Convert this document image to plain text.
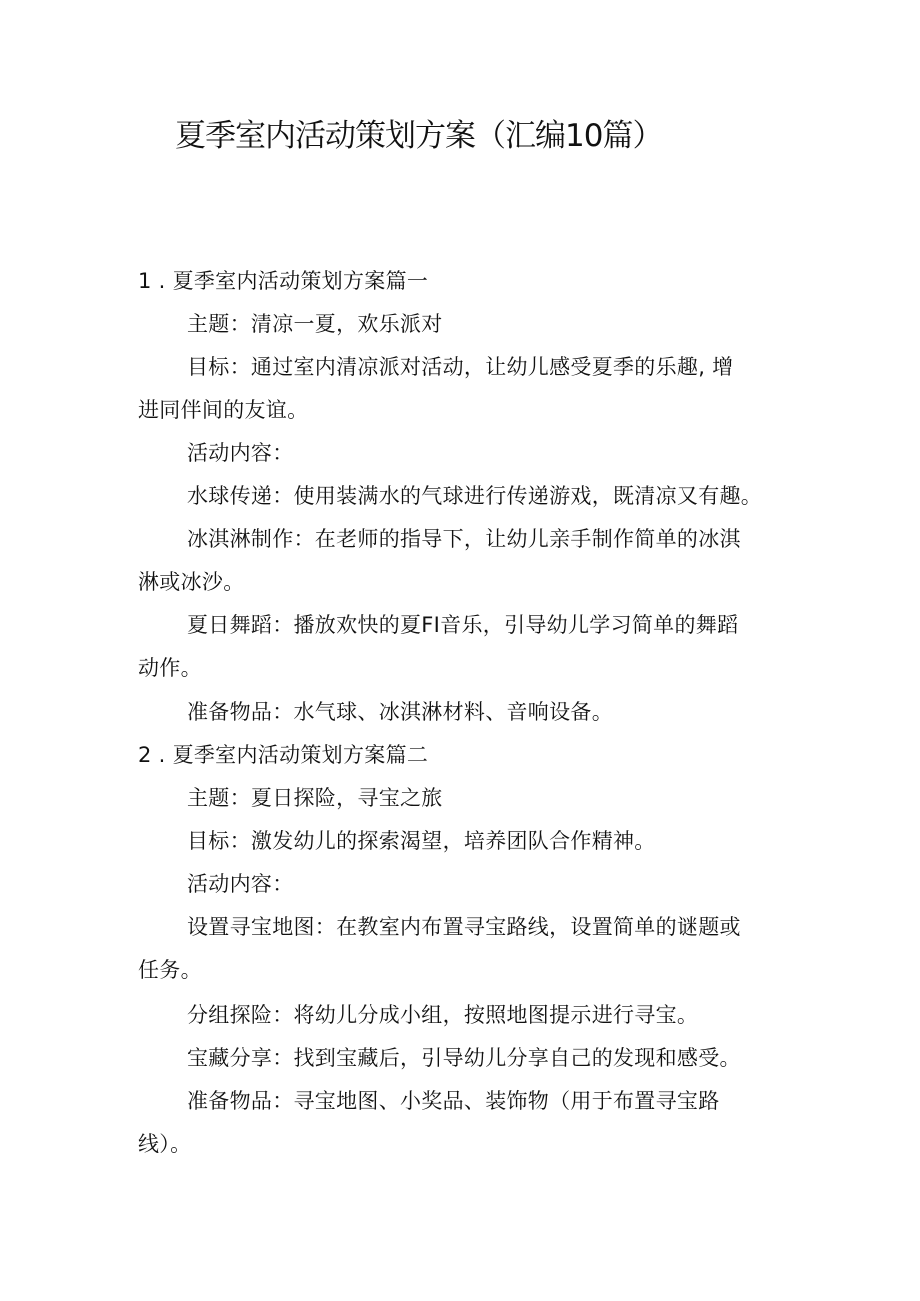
夏季室内活动策划方案（汇编10篇）
1 . 夏季室内活动策划方案篇一
主题：清凉一夏，欢乐派对
目标：通过室内清凉派对活动，让幼儿感受夏季的乐趣, 增
进同伴间的友谊。
活动内容：
水球传递：使用装满水的气球进行传递游戏，既清凉又有趣。
冰淇淋制作：在老师的指导下，让幼儿亲手制作简单的冰淇
淋或冰沙。
夏日舞蹈：播放欢快的夏FI音乐，引导幼儿学习简单的舞蹈
动作。
准备物品：水气球、冰淇淋材料、音响设备。
2 . 夏季室内活动策划方案篇二
主题：夏日探险，寻宝之旅
目标：激发幼儿的探索渴望，培养团队合作精神。
活动内容：
设置寻宝地图：在教室内布置寻宝路线，设置简单的谜题或
任务。
分组探险：将幼儿分成小组，按照地图提示进行寻宝。
宝藏分享：找到宝藏后，引导幼儿分享自己的发现和感受。
准备物品：寻宝地图、小奖品、装饰物（用于布置寻宝路
线）。
